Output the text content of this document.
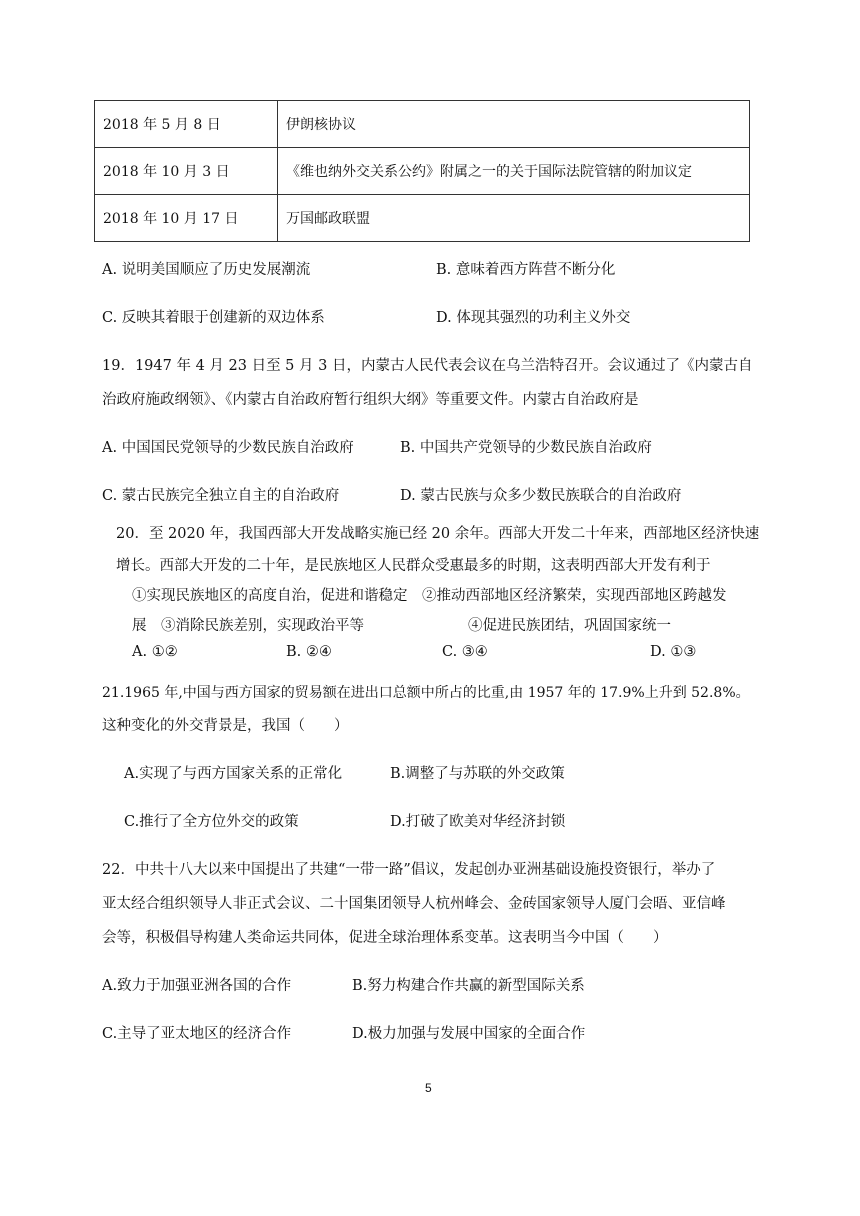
2018 年 5 月 8 日	伊朗核协议
2018 年 10 月 3 日	《维也纳外交关系公约》附属之一的关于国际法院管辖的附加议定
2018 年 10 月 17 日	万国邮政联盟
A. 说明美国顺应了历史发展潮流	B. 意味着西方阵营不断分化
C. 反映其着眼于创建新的双边体系	D. 体现其强烈的功利主义外交
19．1947 年 4 月 23 日至 5 月 3 日，内蒙古人民代表会议在乌兰浩特召开。会议通过了《内蒙古自
治政府施政纲领》、《内蒙古自治政府暂行组织大纲》等重要文件。内蒙古自治政府是
A. 中国国民党领导的少数民族自治政府	B. 中国共产党领导的少数民族自治政府
C. 蒙古民族完全独立自主的自治政府	D. 蒙古民族与众多少数民族联合的自治政府
20．至 2020 年，我国西部大开发战略实施已经 20 余年。西部大开发二十年来，西部地区经济快速
增长。西部大开发的二十年，是民族地区人民群众受惠最多的时期，这表明西部大开发有利于
①实现民族地区的高度自治，促进和谐稳定　②推动西部地区经济繁荣，实现西部地区跨越发
展　③消除民族差别，实现政治平等	④促进民族团结，巩固国家统一
A. ①②	B. ②④	C. ③④	D. ①③
21.1965 年,中国与西方国家的贸易额在进出口总额中所占的比重,由 1957 年的 17.9%上升到 52.8%。
这种变化的外交背景是，我国（　　）
A.实现了与西方国家关系的正常化	B.调整了与苏联的外交政策
C.推行了全方位外交的政策	D.打破了欧美对华经济封锁
22．中共十八大以来中国提出了共建“一带一路”倡议，发起创办亚洲基础设施投资银行，举办了
亚太经合组织领导人非正式会议、二十国集团领导人杭州峰会、金砖国家领导人厦门会晤、亚信峰
会等，积极倡导构建人类命运共同体，促进全球治理体系变革。这表明当今中国（　　）
A.致力于加强亚洲各国的合作	B.努力构建合作共赢的新型国际关系
C.主导了亚太地区的经济合作	D.极力加强与发展中国家的全面合作
5
